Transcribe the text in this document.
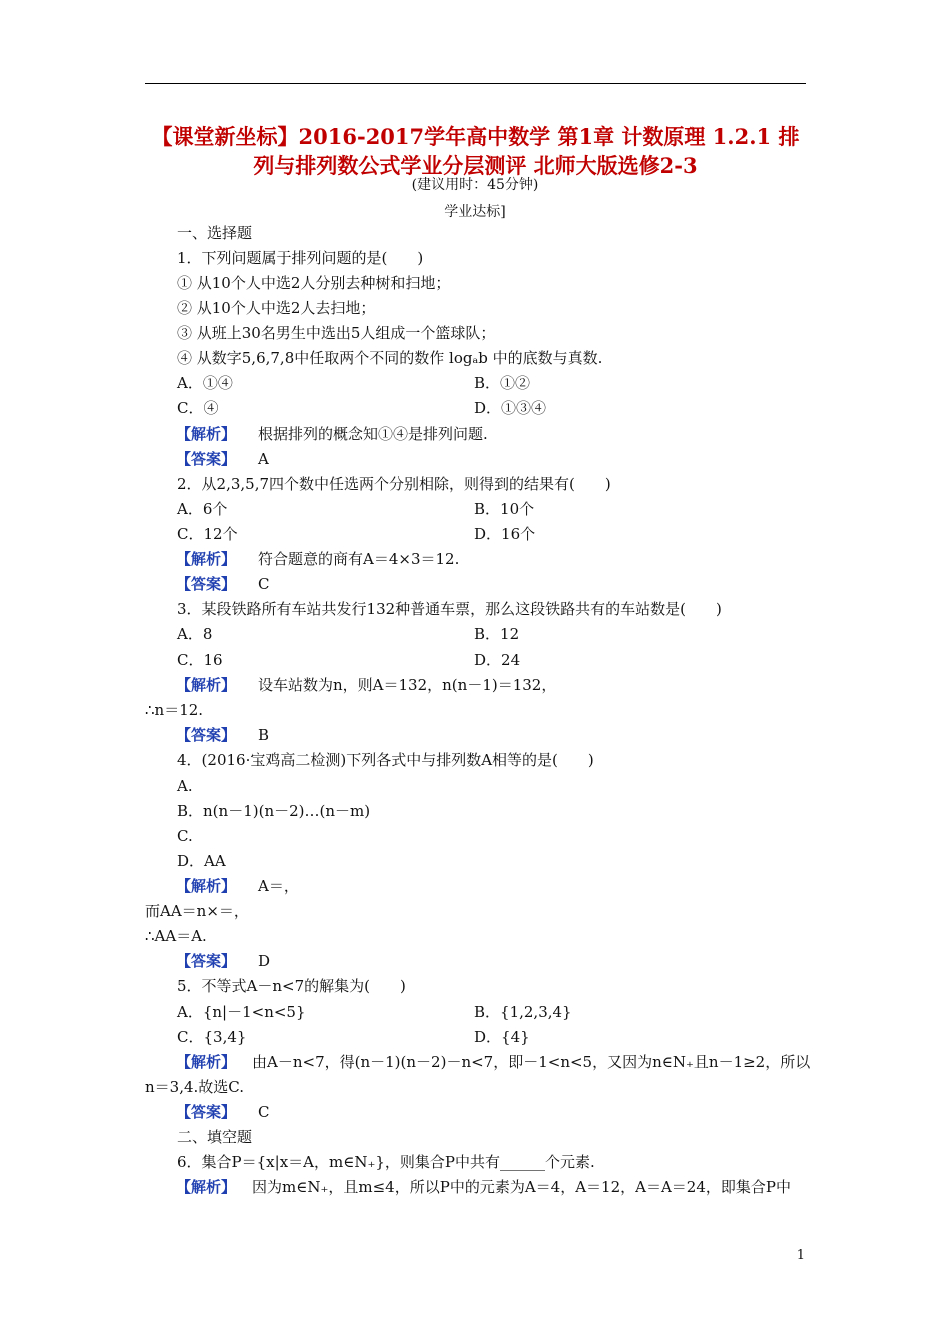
【课堂新坐标】2016-2017学年高中数学 第1章 计数原理 1.2.1 排列与排列数公式学业分层测评 北师大版选修2-3
(建议用时：45分钟)
学业达标]
一、选择题
1．下列问题属于排列问题的是(　　)
① 从10个人中选2人分别去种树和扫地；
② 从10个人中选2人去扫地；
③ 从班上30名男生中选出5人组成一个篮球队；
④ 从数字5,6,7,8中任取两个不同的数作 logₐb 中的底数与真数.
A．①④	B．①②
C．④	D．①③④
【解析】 根据排列的概念知①④是排列问题.
【答案】 A
2．从2,3,5,7四个数中任选两个分别相除，则得到的结果有(　　)
A．6个	B．10个
C．12个	D．16个
【解析】 符合题意的商有A＝4×3＝12.
【答案】 C
3．某段铁路所有车站共发行132种普通车票，那么这段铁路共有的车站数是(　　)
A．8	B．12
C．16	D．24
【解析】 设车站数为n，则A＝132，n(n－1)＝132，
∴n＝12.
【答案】 B
4．(2016·宝鸡高二检测)下列各式中与排列数A相等的是(　　)
A.
B．n(n－1)(n－2)…(n－m)
C.
D．AA
【解析】 A＝，
而AA＝n×＝，
∴AA＝A.
【答案】 D
5．不等式A－n<7的解集为(　　)
A．{n|－1<n<5}	B．{1,2,3,4}
C．{3,4}	D．{4}
【解析】 由A－n<7，得(n－1)(n－2)－n<7，即－1<n<5，又因为n∈N₊且n－1≥2，所以
n＝3,4.故选C.
【答案】 C
二、填空题
6．集合P＝{x|x＝A，m∈N₊}，则集合P中共有______个元素.
【解析】 因为m∈N₊，且m≤4，所以P中的元素为A＝4，A＝12，A＝A＝24，即集合P中
1
